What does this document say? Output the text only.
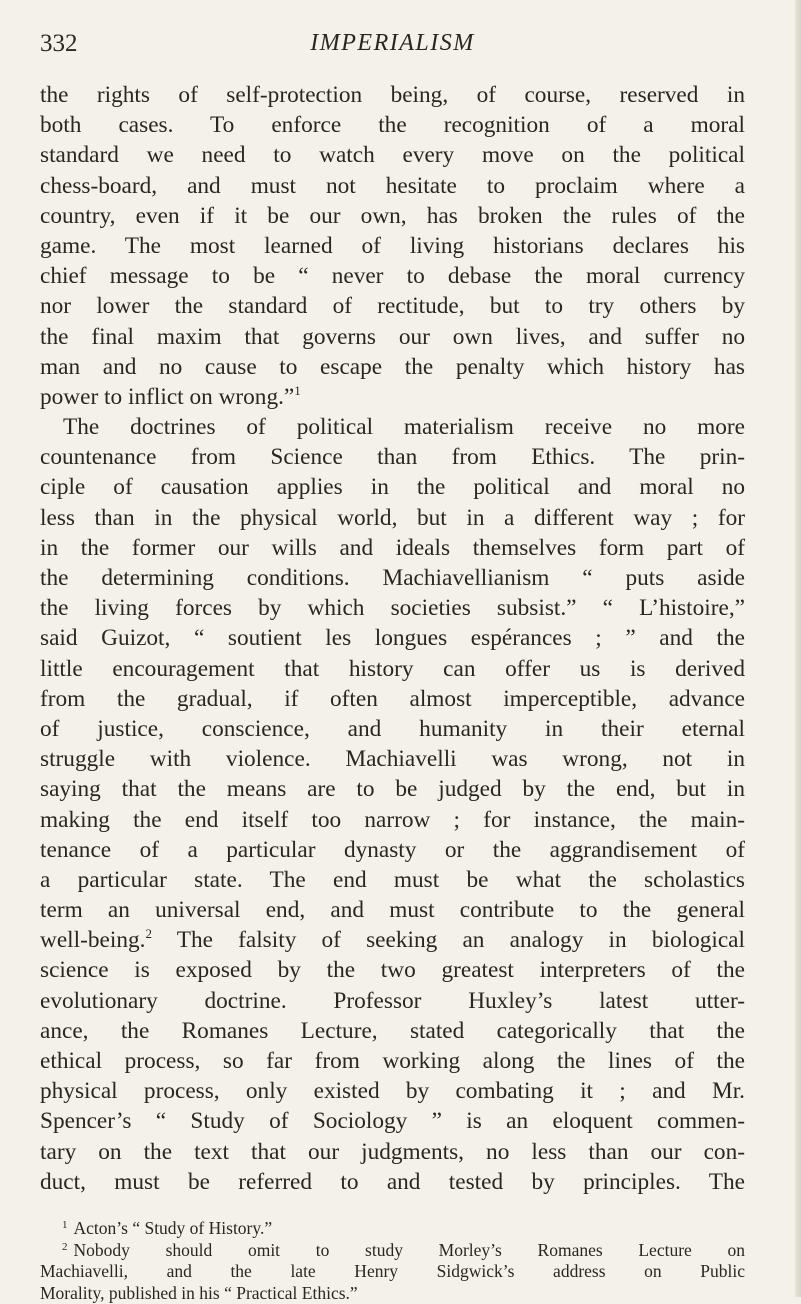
332	IMPERIALISM
the rights of self-protection being, of course, reserved in
both cases. To enforce the recognition of a moral
standard we need to watch every move on the political
chess-board, and must not hesitate to proclaim where a
country, even if it be our own, has broken the rules of the
game. The most learned of living historians declares his
chief message to be “ never to debase the moral currency
nor lower the standard of rectitude, but to try others by
the final maxim that governs our own lives, and suffer no
man and no cause to escape the penalty which history has
power to inflict on wrong.”$^1$
The doctrines of political materialism receive no more
countenance from Science than from Ethics. The prin-
ciple of causation applies in the political and moral no
less than in the physical world, but in a different way ; for
in the former our wills and ideals themselves form part of
the determining conditions. Machiavellianism “ puts aside
the living forces by which societies subsist.” “ L’histoire,”
said Guizot, “ soutient les longues espérances ; ” and the
little encouragement that history can offer us is derived
from the gradual, if often almost imperceptible, advance
of justice, conscience, and humanity in their eternal
struggle with violence. Machiavelli was wrong, not in
saying that the means are to be judged by the end, but in
making the end itself too narrow ; for instance, the main-
tenance of a particular dynasty or the aggrandisement of
a particular state. The end must be what the scholastics
term an universal end, and must contribute to the general
well-being.$^2$ The falsity of seeking an analogy in biological
science is exposed by the two greatest interpreters of the
evolutionary doctrine. Professor Huxley’s latest utter-
ance, the Romanes Lecture, stated categorically that the
ethical process, so far from working along the lines of the
physical process, only existed by combating it ; and Mr.
Spencer’s “ Study of Sociology ” is an eloquent commen-
tary on the text that our judgments, no less than our con-
duct, must be referred to and tested by principles. The
$^1$ Acton’s “ Study of History.”
$^2$ Nobody should omit to study Morley’s Romanes Lecture on
Machiavelli, and the late Henry Sidgwick’s address on Public
Morality, published in his “ Practical Ethics.”
